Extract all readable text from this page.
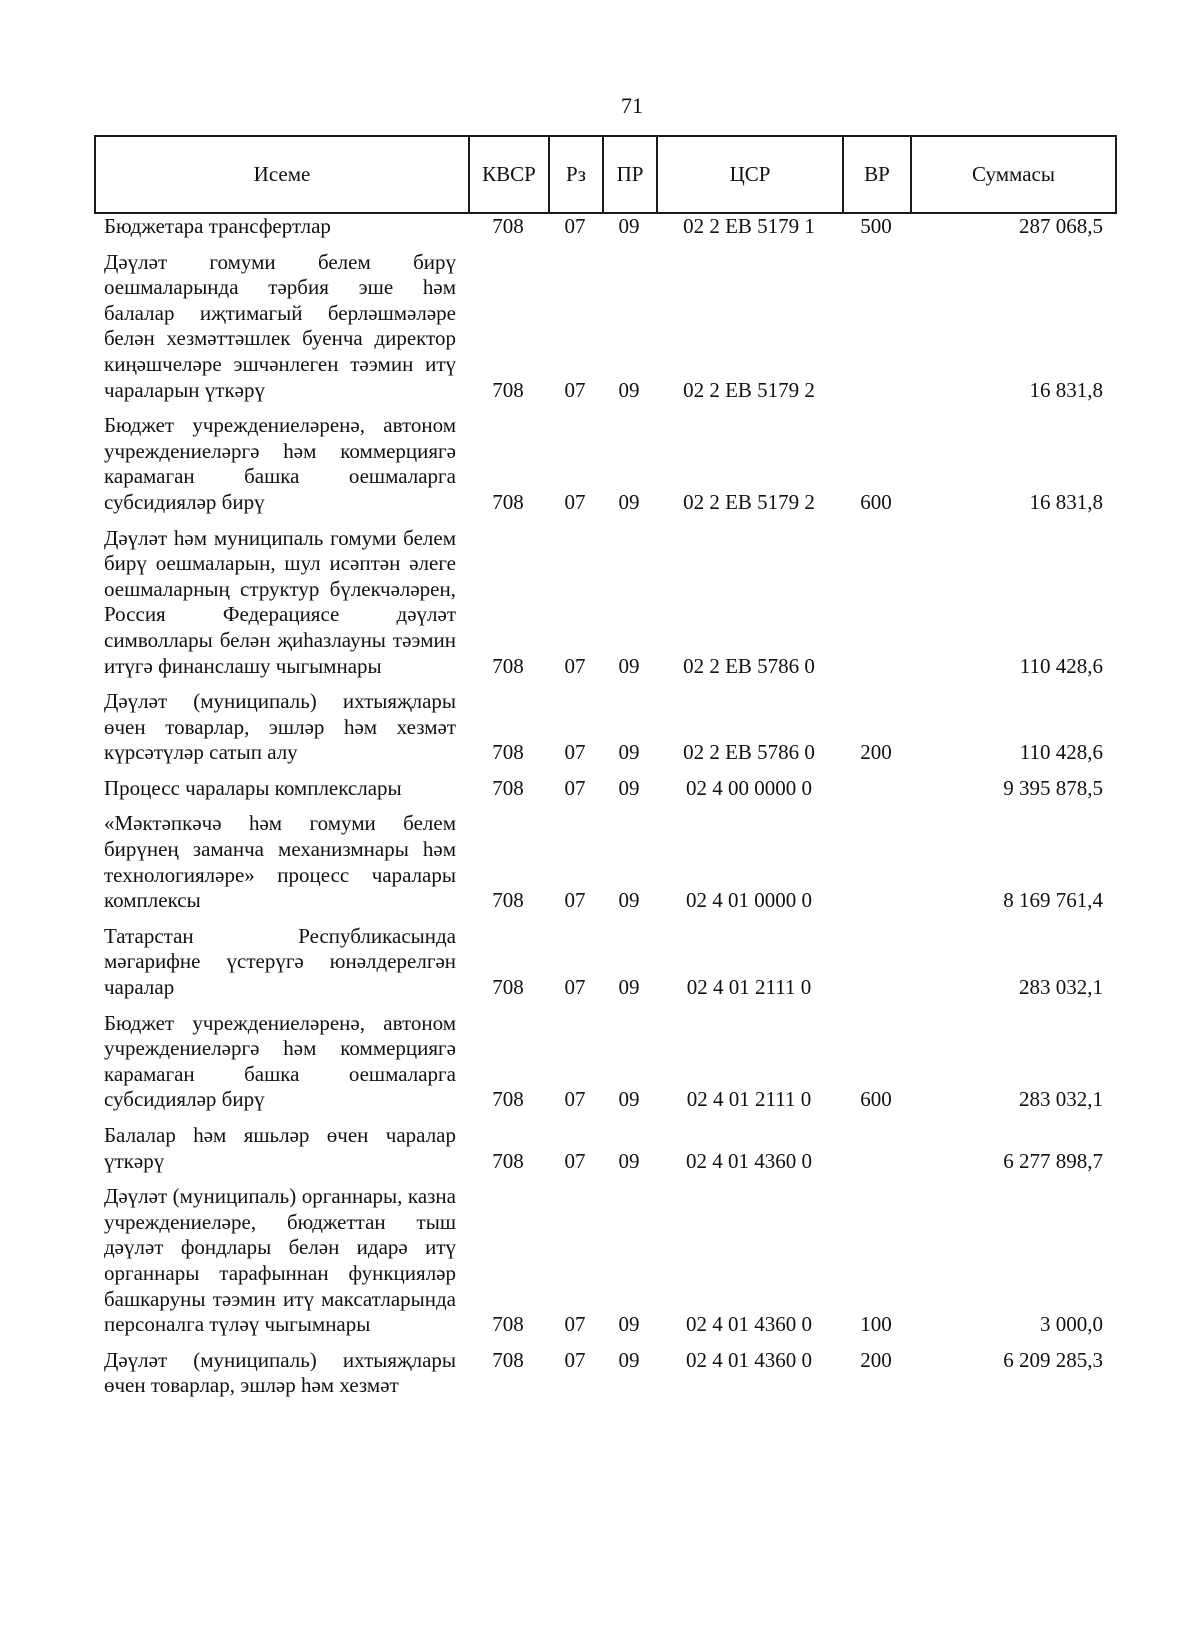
71
Исеме	КВСР	Рз	ПР	ЦСР	ВР	Суммасы
Бюджетара трансфертлар	708	07	09	02 2 ЕВ 5179 1	500	287 068,5

Дәүләт гомуми белем бирү оешмаларында тәрбия эше һәм балалар иҗтимагый берләшмәләре белән хезмәттәшлек буенча директор киңәшчеләре эшчәнлеген тәэмин итү чараларын үткәрү	708	07	09	02 2 ЕВ 5179 2		16 831,8

Бюджет учреждениеләренә, автоном учреждениеләргә һәм коммерциягә карамаган башка оешмаларга субсидияләр бирү	708	07	09	02 2 ЕВ 5179 2	600	16 831,8

Дәүләт һәм муниципаль гомуми белем бирү оешмаларын, шул исәптән әлеге оешмаларның структур бүлекчәләрен, Россия Федерациясе дәүләт символлары белән җиһазлауны тәэмин итүгә финанслашу чыгымнары	708	07	09	02 2 ЕВ 5786 0		110 428,6

Дәүләт (муниципаль) ихтыяҗлары өчен товарлар, эшләр һәм хезмәт күрсәтүләр сатып алу	708	07	09	02 2 ЕВ 5786 0	200	110 428,6

Процесс чаралары комплекслары	708	07	09	02 4 00 0000 0		9 395 878,5

«Мәктәпкәчә һәм гомуми белем бирүнең заманча механизмнары һәм технологияләре» процесс чаралары комплексы	708	07	09	02 4 01 0000 0		8 169 761,4

Татарстан Республикасында мәгарифне үстерүгә юнәлдерелгән чаралар	708	07	09	02 4 01 2111 0		283 032,1

Бюджет учреждениеләренә, автоном учреждениеләргә һәм коммерциягә карамаган башка оешмаларга субсидияләр бирү	708	07	09	02 4 01 2111 0	600	283 032,1

Балалар һәм яшьләр өчен чаралар үткәрү	708	07	09	02 4 01 4360 0		6 277 898,7

Дәүләт (муниципаль) органнары, казна учреждениеләре, бюджеттан тыш дәүләт фондлары белән идарә итү органнары тарафыннан функцияләр башкаруны тәэмин итү максатларында персоналга түләү чыгымнары	708	07	09	02 4 01 4360 0	100	3 000,0

Дәүләт (муниципаль) ихтыяҗлары өчен товарлар, эшләр һәм хезмәт	708	07	09	02 4 01 4360 0	200	6 209 285,3
